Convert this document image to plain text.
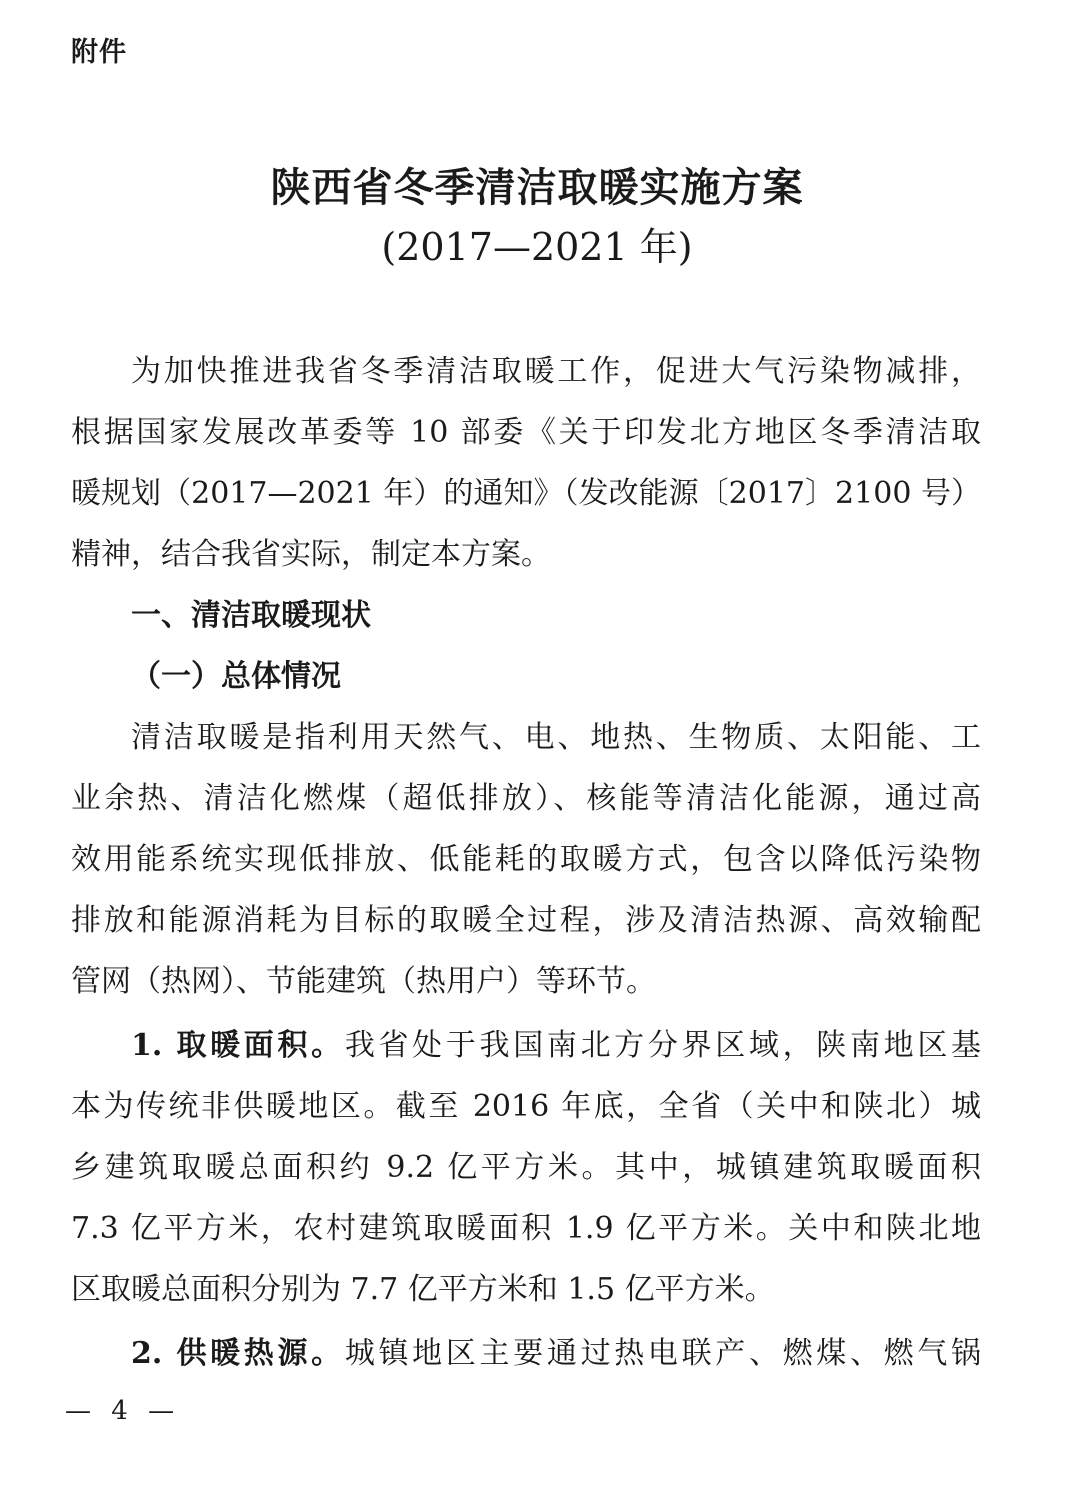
附件
陕西省冬季清洁取暖实施方案
(2017—2021 年)
为加快推进我省冬季清洁取暖工作，促进大气污染物减排，
根据国家发展改革委等 10 部委《关于印发北方地区冬季清洁取
暖规划（2017—2021 年）的通知》（发改能源〔2017〕2100 号）
精神，结合我省实际，制定本方案。
一、清洁取暖现状
（一）总体情况
清洁取暖是指利用天然气、电、地热、生物质、太阳能、工
业余热、清洁化燃煤（超低排放）、核能等清洁化能源，通过高
效用能系统实现低排放、低能耗的取暖方式，包含以降低污染物
排放和能源消耗为目标的取暖全过程，涉及清洁热源、高效输配
管网（热网）、节能建筑（热用户）等环节。
1. 取暖面积。我省处于我国南北方分界区域，陕南地区基
本为传统非供暖地区。截至 2016 年底，全省（关中和陕北）城
乡建筑取暖总面积约 9.2 亿平方米。其中，城镇建筑取暖面积
7.3 亿平方米，农村建筑取暖面积 1.9 亿平方米。关中和陕北地
区取暖总面积分别为 7.7 亿平方米和 1.5 亿平方米。
2. 供暖热源。城镇地区主要通过热电联产、燃煤、燃气锅
— 4 —
